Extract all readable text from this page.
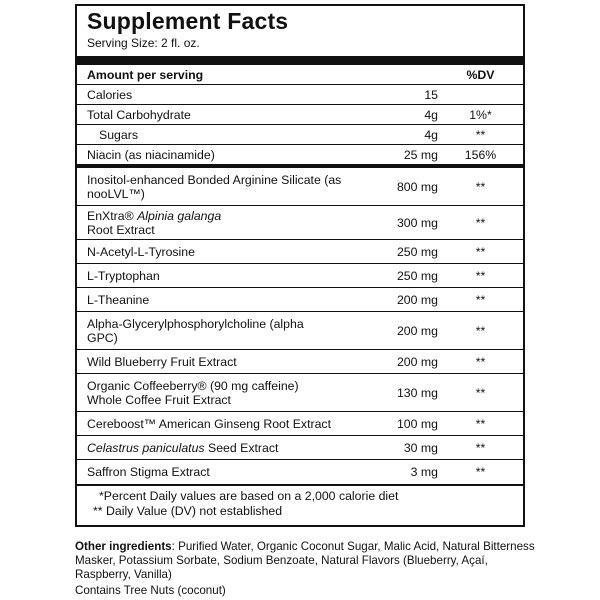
Supplement Facts
Serving Size: 2 fl. oz.
Amount per serving	%DV
Calories	15
Total Carbohydrate	4g	1%*
Sugars	4g	**
Niacin (as niacinamide)	25 mg	156%
Inositol-enhanced Bonded Arginine Silicate (as nooLVL™)	800 mg	**
EnXtra® Alpinia galanga
Root Extract	300 mg	**
N-Acetyl-L-Tyrosine	250 mg	**
L-Tryptophan	250 mg	**
L-Theanine	200 mg	**
Alpha-Glycerylphosphorylcholine (alpha GPC)	200 mg	**
Wild Blueberry Fruit Extract	200 mg	**
Organic Coffeeberry® (90 mg caffeine) Whole Coffee Fruit Extract	130 mg	**
Cereboost™ American Ginseng Root Extract	100 mg	**
Celastrus paniculatus Seed Extract	30 mg	**
Saffron Stigma Extract	3 mg	**
*Percent Daily values are based on a 2,000 calorie diet
** Daily Value (DV) not established
Other ingredients: Purified Water, Organic Coconut Sugar, Malic Acid, Natural Bitterness Masker, Potassium Sorbate, Sodium Benzoate, Natural Flavors (Blueberry, Açaí, Raspberry, Vanilla)
Contains Tree Nuts (coconut)
